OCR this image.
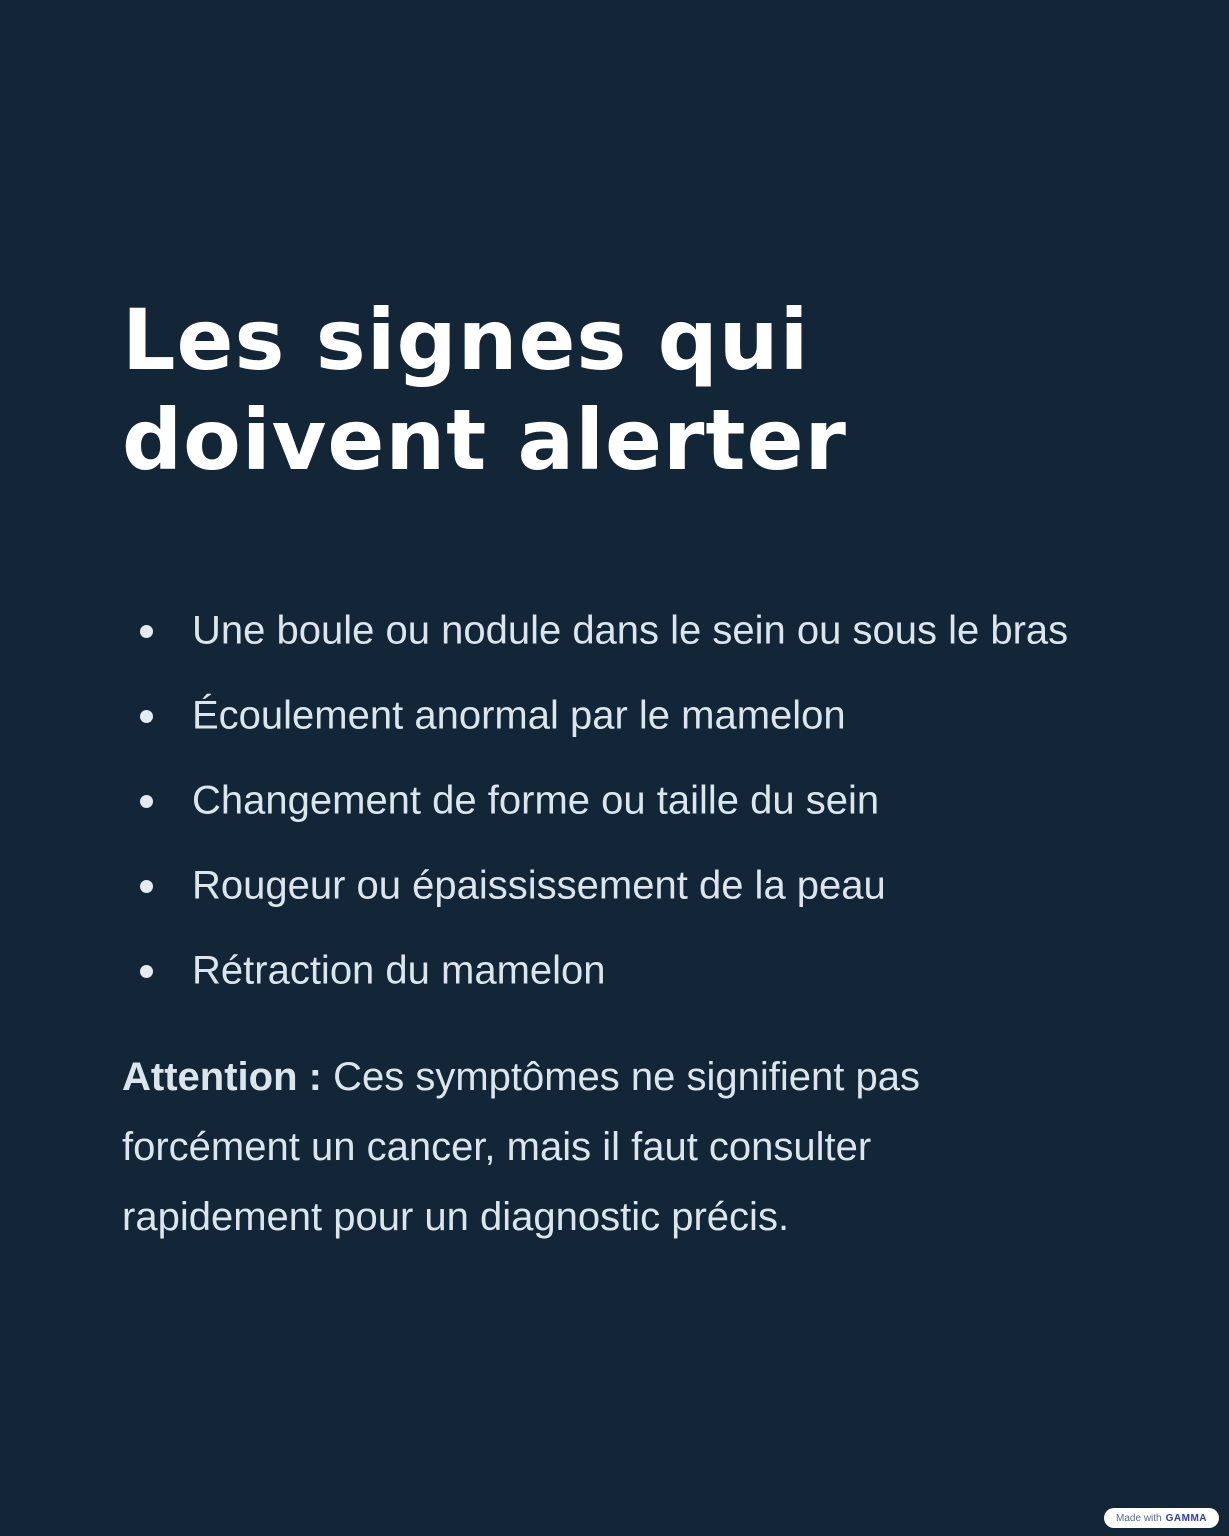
Les signes qui
doivent alerter
Une boule ou nodule dans le sein ou sous le bras
Écoulement anormal par le mamelon
Changement de forme ou taille du sein
Rougeur ou épaississement de la peau
Rétraction du mamelon

Attention : Ces symptômes ne signifient pas forcément un cancer, mais il faut consulter rapidement pour un diagnostic précis.

Made with GAMMA
